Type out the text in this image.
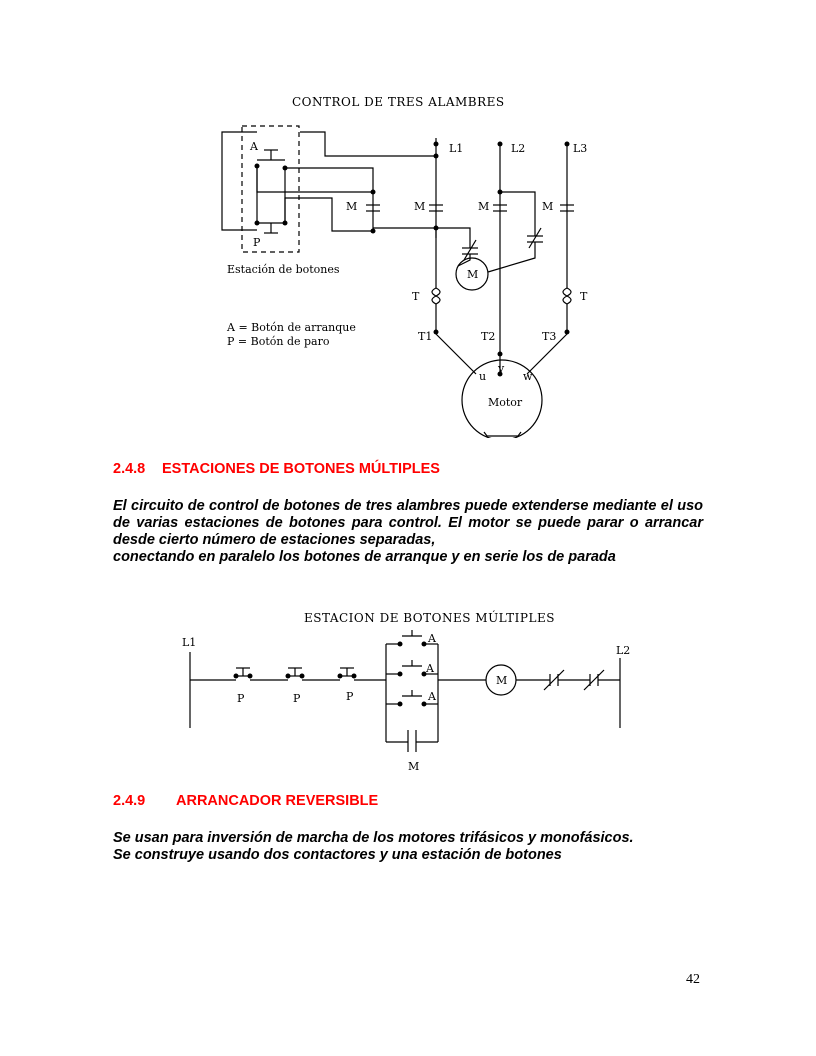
CONTROL DE TRES ALAMBRES
A
P
M	M	M	M
L1	L2	L3
M
Estación de botones
T	T
A = Botón de arranque
P = Botón de paro	T1	T2	T3
u
v
w
Motor
2.4.8 ESTACIONES DE BOTONES MÚLTIPLES
El circuito de control de botones de tres alambres puede extenderse mediante el uso de varias estaciones de botones para control. El motor se puede parar o arrancar desde cierto número de estaciones separadas,
conectando en paralelo los botones de arranque y en serie los de parada
ESTACION DE BOTONES MÚLTIPLES
L1
L2
P	P	P
A
A
A
M
M
2.4.9 ARRANCADOR REVERSIBLE
Se usan para inversión de marcha de los motores trifásicos y monofásicos.
Se construye usando dos contactores y una estación de botones
42
